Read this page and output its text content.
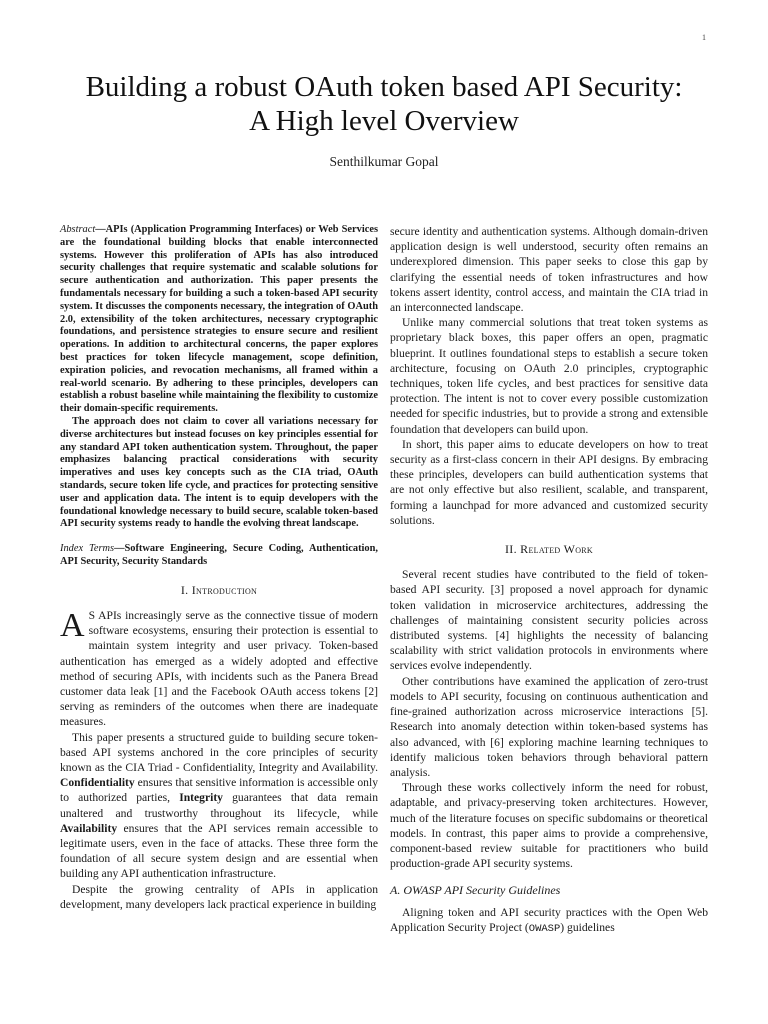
1
Building a robust OAuth token based API Security:
A High level Overview
Senthilkumar Gopal

Abstract—APIs (Application Programming Interfaces) or Web Services are the foundational building blocks that enable interconnected systems. However this proliferation of APIs has also introduced security challenges that require systematic and scalable solutions for secure authentication and authorization. This paper presents the fundamentals necessary for building a such a token-based API security system. It discusses the components necessary, the integration of OAuth 2.0, extensibility of the token architectures, necessary cryptographic foundations, and persistence strategies to ensure secure and resilient operations. In addition to architectural concerns, the paper explores best practices for token lifecycle management, scope definition, expiration policies, and revocation mechanisms, all framed within a real-world scenario. By adhering to these principles, developers can establish a robust baseline while maintaining the flexibility to customize their domain-specific requirements.

The approach does not claim to cover all variations necessary for diverse architectures but instead focuses on key principles essential for any standard API token authentication system. Throughout, the paper emphasizes balancing practical considerations with security imperatives and uses key concepts such as the CIA triad, OAuth standards, secure token life cycle, and practices for protecting sensitive user and application data. The intent is to equip developers with the foundational knowledge necessary to build secure, scalable token-based API security systems ready to handle the evolving threat landscape.

Index Terms—Software Engineering, Secure Coding, Authentication, API Security, Security Standards
I. Introduction

A S APIs increasingly serve as the connective tissue of modern software ecosystems, ensuring their protection is essential to maintain system integrity and user privacy. Token-based authentication has emerged as a widely adopted and effective method of securing APIs, with incidents such as the Panera Bread customer data leak [1] and the Facebook OAuth access tokens [2] serving as reminders of the outcomes when there are inadequate measures.

This paper presents a structured guide to building secure token-based API systems anchored in the core principles of security known as the CIA Triad - Confidentiality, Integrity and Availability. Confidentiality ensures that sensitive information is accessible only to authorized parties, Integrity guarantees that data remain unaltered and trustworthy throughout its lifecycle, while Availability ensures that the API services remain accessible to legitimate users, even in the face of attacks. These three form the foundation of all secure system design and are essential when building any API authentication infrastructure.

Despite the growing centrality of APIs in application development, many developers lack practical experience in building

secure identity and authentication systems. Although domain-driven application design is well understood, security often remains an underexplored dimension. This paper seeks to close this gap by clarifying the essential needs of token infrastructures and how tokens assert identity, control access, and maintain the CIA triad in an interconnected landscape.

Unlike many commercial solutions that treat token systems as proprietary black boxes, this paper offers an open, pragmatic blueprint. It outlines foundational steps to establish a secure token architecture, focusing on OAuth 2.0 principles, cryptographic techniques, token life cycles, and best practices for sensitive data protection. The intent is not to cover every possible customization needed for specific industries, but to provide a strong and extensible foundation that developers can build upon.

In short, this paper aims to educate developers on how to treat security as a first-class concern in their API designs. By embracing these principles, developers can build authentication systems that are not only effective but also resilient, scalable, and transparent, forming a launchpad for more advanced and customized security solutions.

II. Related Work

Several recent studies have contributed to the field of token-based API security. [3] proposed a novel approach for dynamic token validation in microservice architectures, addressing the challenges of maintaining consistent security policies across distributed systems. [4] highlights the necessity of balancing scalability with strict validation protocols in environments where services evolve independently.

Other contributions have examined the application of zero-trust models to API security, focusing on continuous authentication and fine-grained authorization across microservice interactions [5]. Research into anomaly detection within token-based systems has also advanced, with [6] exploring machine learning techniques to identify malicious token behaviors through behavioral pattern analysis.

Through these works collectively inform the need for robust, adaptable, and privacy-preserving token architectures. However, much of the literature focuses on specific subdomains or theoretical models. In contrast, this paper aims to provide a comprehensive, component-based review suitable for practitioners who build production-grade API security systems.

A. OWASP API Security Guidelines

Aligning token and API security practices with the Open Web Application Security Project (OWASP) guidelines
